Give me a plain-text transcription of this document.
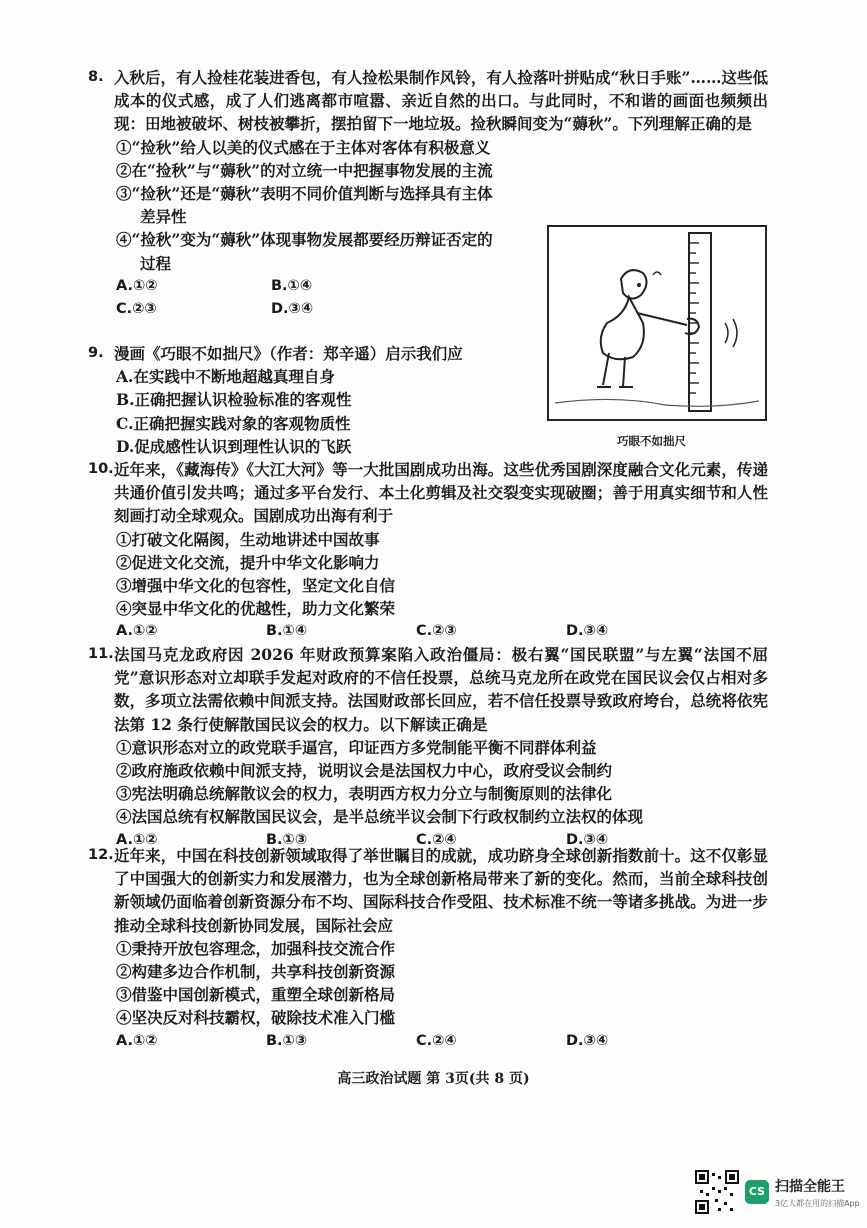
8. 入秋后，有人捡桂花装进香包，有人捡松果制作风铃，有人捡落叶拼贴成“秋日手账”……这些低成本的仪式感，成了人们逃离都市喧嚣、亲近自然的出口。与此同时，不和谐的画面也频频出现：田地被破坏、树枝被攀折，摆拍留下一地垃圾。捡秋瞬间变为“薅秋”。下列理解正确的是
①“捡秋”给人以美的仪式感在于主体对客体有积极意义
②在“捡秋”与“薅秋”的对立统一中把握事物发展的主流
③“捡秋”还是“薅秋”表明不同价值判断与选择具有主体
差异性
④“捡秋”变为“薅秋”体现事物发展都要经历辩证否定的
过程
A.①②	B.①④
C.②③	D.③④
巧眼不如拙尺
9. 漫画《巧眼不如拙尺》（作者：郑辛遥）启示我们应
A.在实践中不断地超越真理自身
B.正确把握认识检验标准的客观性
C.正确把握实践对象的客观物质性
D.促成感性认识到理性认识的飞跃
10. 近年来，《藏海传》《大江大河》等一大批国剧成功出海。这些优秀国剧深度融合文化元素，传递共通价值引发共鸣；通过多平台发行、本土化剪辑及社交裂变实现破圈；善于用真实细节和人性刻画打动全球观众。国剧成功出海有利于
①打破文化隔阂，生动地讲述中国故事
②促进文化交流，提升中华文化影响力
③增强中华文化的包容性，坚定文化自信
④突显中华文化的优越性，助力文化繁荣
A.①②	B.①④	C.②③	D.③④
11. 法国马克龙政府因 2026 年财政预算案陷入政治僵局：极右翼“国民联盟”与左翼“法国不屈党”意识形态对立却联手发起对政府的不信任投票，总统马克龙所在政党在国民议会仅占相对多数，多项立法需依赖中间派支持。法国财政部长回应，若不信任投票导致政府垮台，总统将依宪法第 12 条行使解散国民议会的权力。以下解读正确是
①意识形态对立的政党联手逼宫，印证西方多党制能平衡不同群体利益
②政府施政依赖中间派支持，说明议会是法国权力中心，政府受议会制约
③宪法明确总统解散议会的权力，表明西方权力分立与制衡原则的法律化
④法国总统有权解散国民议会，是半总统半议会制下行政权制约立法权的体现
A.①②	B.①③	C.②④	D.③④
12. 近年来，中国在科技创新领域取得了举世瞩目的成就，成功跻身全球创新指数前十。这不仅彰显了中国强大的创新实力和发展潜力，也为全球创新格局带来了新的变化。然而，当前全球科技创新领域仍面临着创新资源分布不均、国际科技合作受阻、技术标准不统一等诸多挑战。为进一步推动全球科技创新协同发展，国际社会应
①秉持开放包容理念，加强科技交流合作
②构建多边合作机制，共享科技创新资源
③借鉴中国创新模式，重塑全球创新格局
④坚决反对科技霸权，破除技术准入门槛
A.①②	B.①③	C.②④	D.③④
高三政治试题 第 3页(共 8 页)
CS 扫描全能王
3亿人都在用的扫描App
